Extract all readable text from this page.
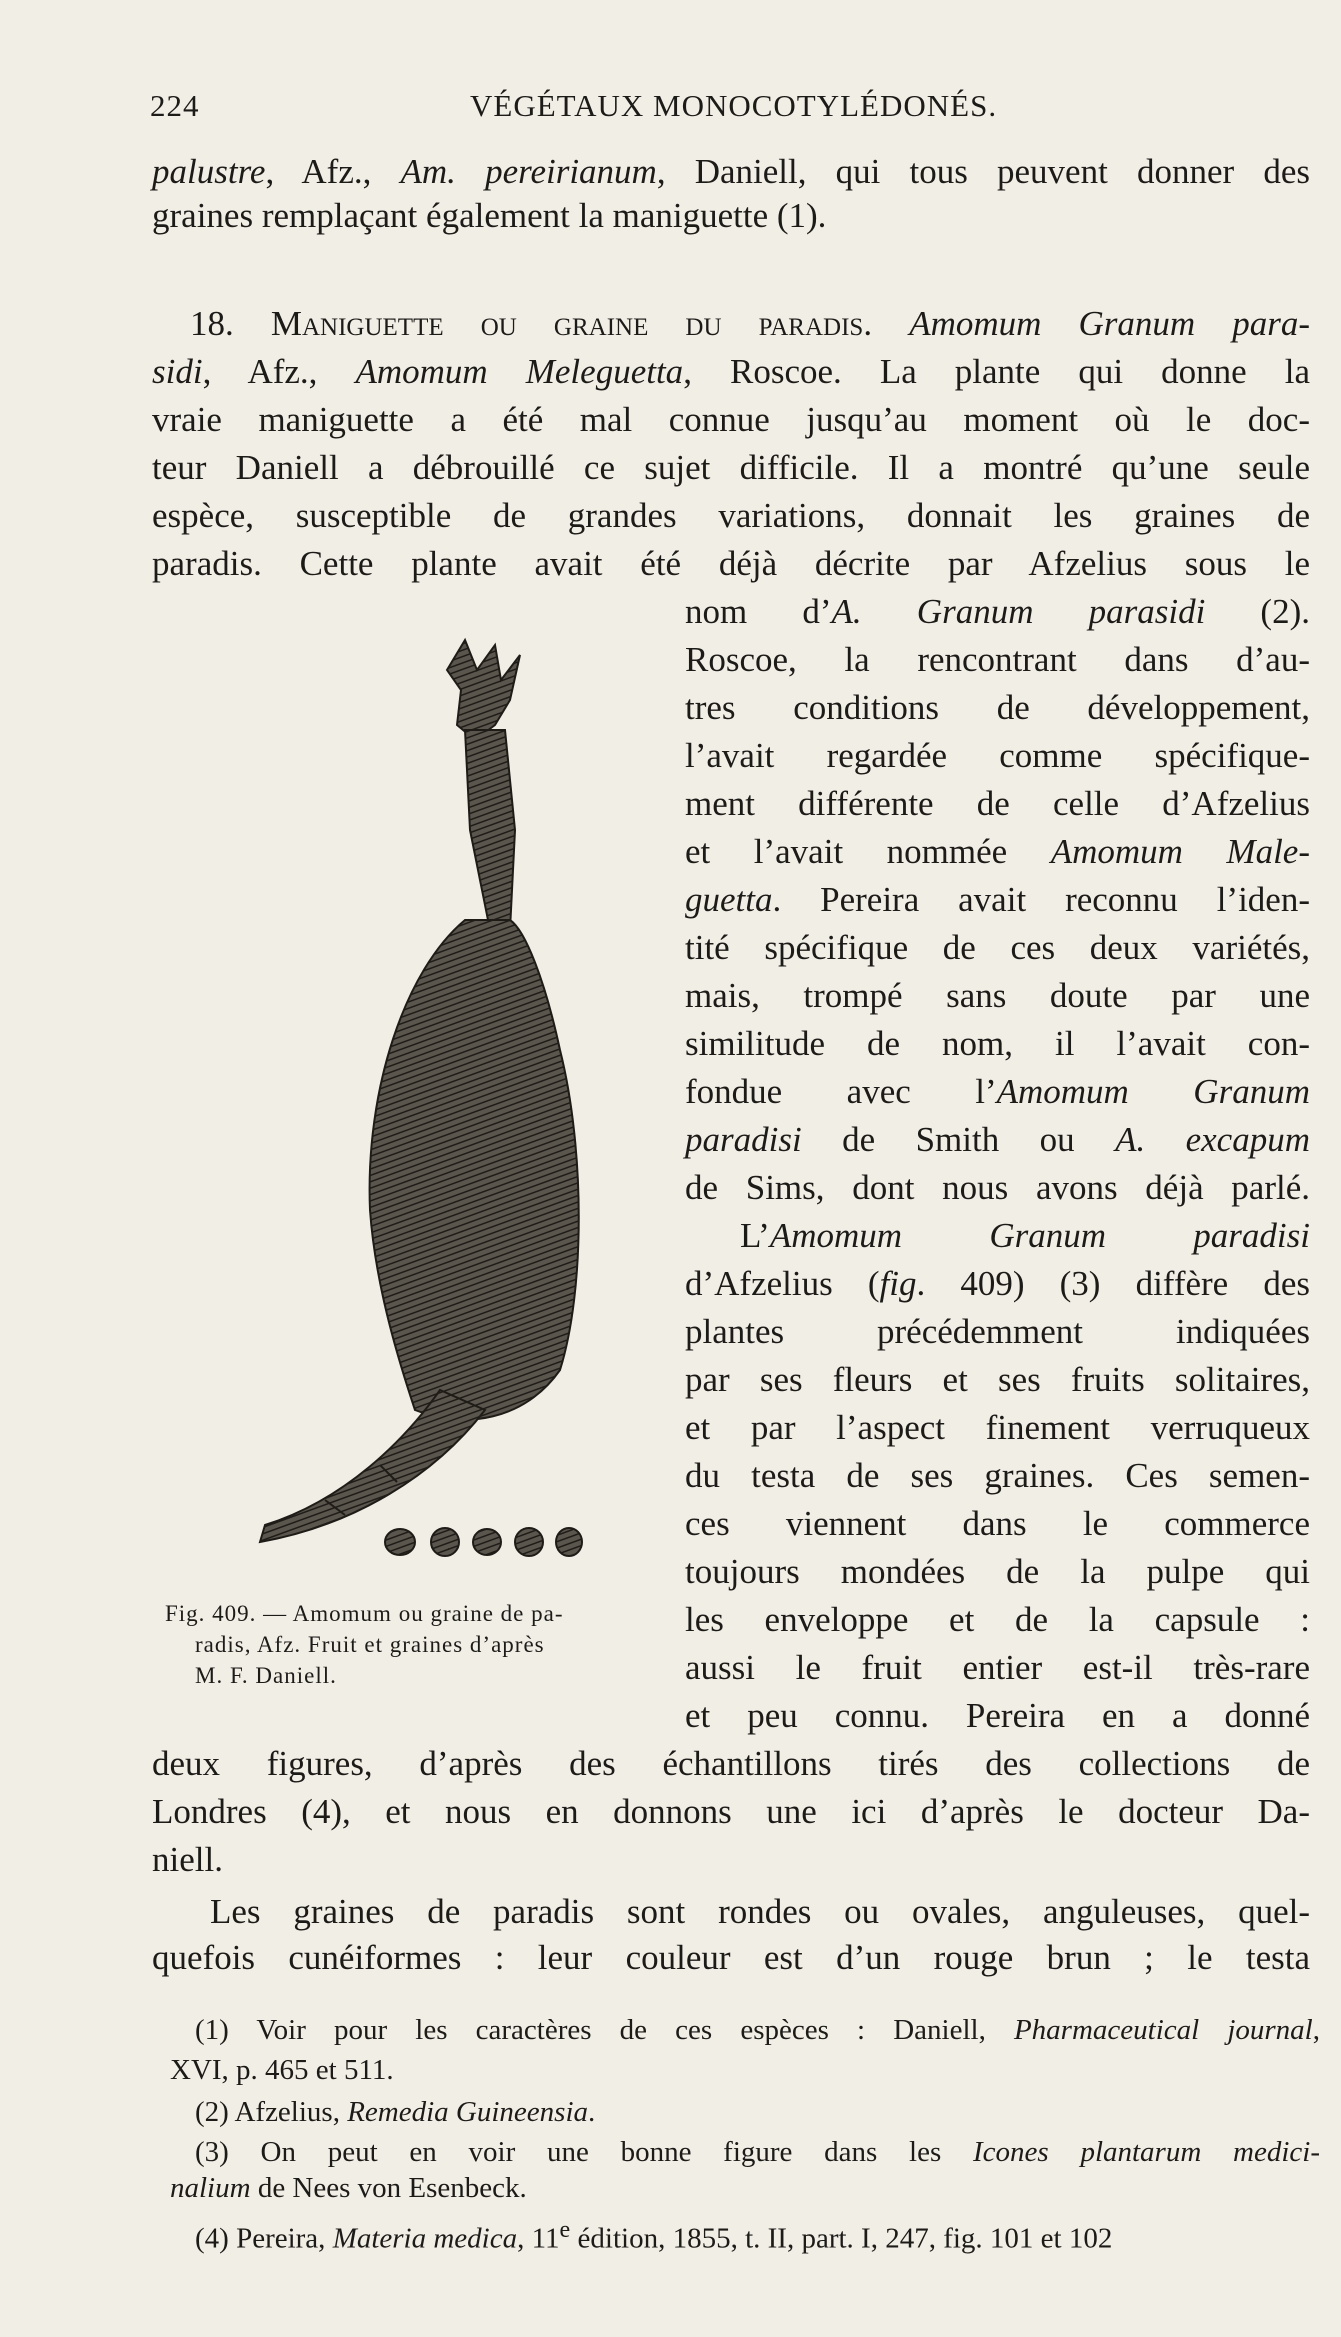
224	VÉGÉTAUX MONOCOTYLÉDONÉS.
palustre, Afz., Am. pereirianum, Daniell, qui tous peuvent donner des
graines remplaçant également la maniguette (1).
18. Maniguette ou graine du paradis. Amomum Granum para-
sidi, Afz., Amomum Meleguetta, Roscoe. La plante qui donne la
vraie maniguette a été mal connue jusqu’au moment où le doc-
teur Daniell a débrouillé ce sujet difficile. Il a montré qu’une seule
espèce, susceptible de grandes variations, donnait les graines de
paradis. Cette plante avait été déjà décrite par Afzelius sous le
nom d’A. Granum parasidi (2).
Roscoe, la rencontrant dans d’au-
tres conditions de développement,
l’avait regardée comme spécifique-
ment différente de celle d’Afzelius
et l’avait nommée Amomum Male-
guetta. Pereira avait reconnu l’iden-
tité spécifique de ces deux variétés,
mais, trompé sans doute par une
similitude de nom, il l’avait con-
fondue avec l’Amomum Granum
paradisi de Smith ou A. excapum
de Sims, dont nous avons déjà parlé.
L’Amomum Granum paradisi
d’Afzelius (fig. 409) (3) diffère des
plantes précédemment indiquées
par ses fleurs et ses fruits solitaires,
et par l’aspect finement verruqueux
du testa de ses graines. Ces semen-
ces viennent dans le commerce
toujours mondées de la pulpe qui
les enveloppe et de la capsule :
aussi le fruit entier est-il très-rare
et peu connu. Pereira en a donné
deux figures, d’après des échantillons tirés des collections de
Londres (4), et nous en donnons une ici d’après le docteur Da-
niell.
Les graines de paradis sont rondes ou ovales, anguleuses, quel-
quefois cunéiformes : leur couleur est d’un rouge brun ; le testa
Fig. 409. — Amomum ou graine de pa-
radis, Afz. Fruit et graines d’après
M. F. Daniell.
(1) Voir pour les caractères de ces espèces : Daniell, Pharmaceutical journal,
XVI, p. 465 et 511.
(2) Afzelius, Remedia Guineensia.
(3) On peut en voir une bonne figure dans les Icones plantarum medici-
nalium de Nees von Esenbeck.
(4) Pereira, Materia medica, 11e édition, 1855, t. II, part. I, 247, fig. 101 et 102
